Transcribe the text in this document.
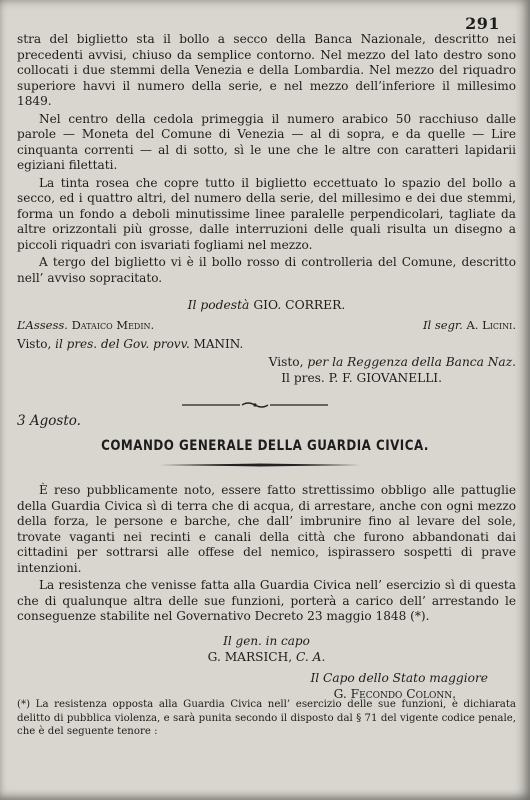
291

stra del biglietto sta il bollo a secco della Banca Nazionale, descritto nei precedenti avvisi, chiuso da semplice contorno. Nel mezzo del lato destro sono collocati i due stemmi della Venezia e della Lombardia. Nel mezzo del riquadro superiore havvi il numero della serie, e nel mezzo dell’inferiore il millesimo 1849.

Nel centro della cedola primeggia il numero arabico 50 racchiuso dalle parole — Moneta del Comune di Venezia — al di sopra, e da quelle — Lire cinquanta correnti — al di sotto, sì le une che le altre con caratteri lapidarii egiziani filettati.

La tinta rosea che copre tutto il biglietto eccettuato lo spazio del bollo a secco, ed i quattro altri, del numero della serie, del millesimo e dei due stemmi, forma un fondo a deboli minutissime linee paralelle perpendicolari, tagliate da altre orizzontali più grosse, dalle interruzioni delle quali risulta un disegno a piccoli riquadri con isvariati fogliami nel mezzo.

A tergo del biglietto vi è il bollo rosso di controlleria del Comune, descritto nell’ avviso sopracitato.

Il podestà GIO. CORRER.
L’Assess. Dataico Medin.	Il segr. A. Licini.
Visto, il pres. del Gov. provv. MANIN.
Visto, per la Reggenza della Banca Naz.
Il pres. P. F. GIOVANELLI.
3 Agosto.
COMANDO GENERALE DELLA GUARDIA CIVICA.

È reso pubblicamente noto, essere fatto strettissimo obbligo alle pattuglie della Guardia Civica sì di terra che di acqua, di arrestare, anche con ogni mezzo della forza, le persone e barche, che dall’ imbrunire fino al levare del sole, trovate vaganti nei recinti e canali della città che furono abbandonati dai cittadini per sottrarsi alle offese del nemico, ispirassero sospetti di prave intenzioni.

La resistenza che venisse fatta alla Guardia Civica nell’ esercizio sì di questa che di qualunque altra delle sue funzioni, porterà a carico dell’ arrestando le conseguenze stabilite nel Governativo Decreto 23 maggio 1848 (*).

Il gen. in capo
G. MARSICH, C. A.
Il Capo dello Stato maggiore
G. Fecondo Colonn.
(*) La resistenza opposta alla Guardia Civica nell’ esercizio delle sue funzioni, è dichiarata delitto di pubblica violenza, e sarà punita secondo il disposto dal § 71 del vigente codice penale, che è del seguente tenore :
